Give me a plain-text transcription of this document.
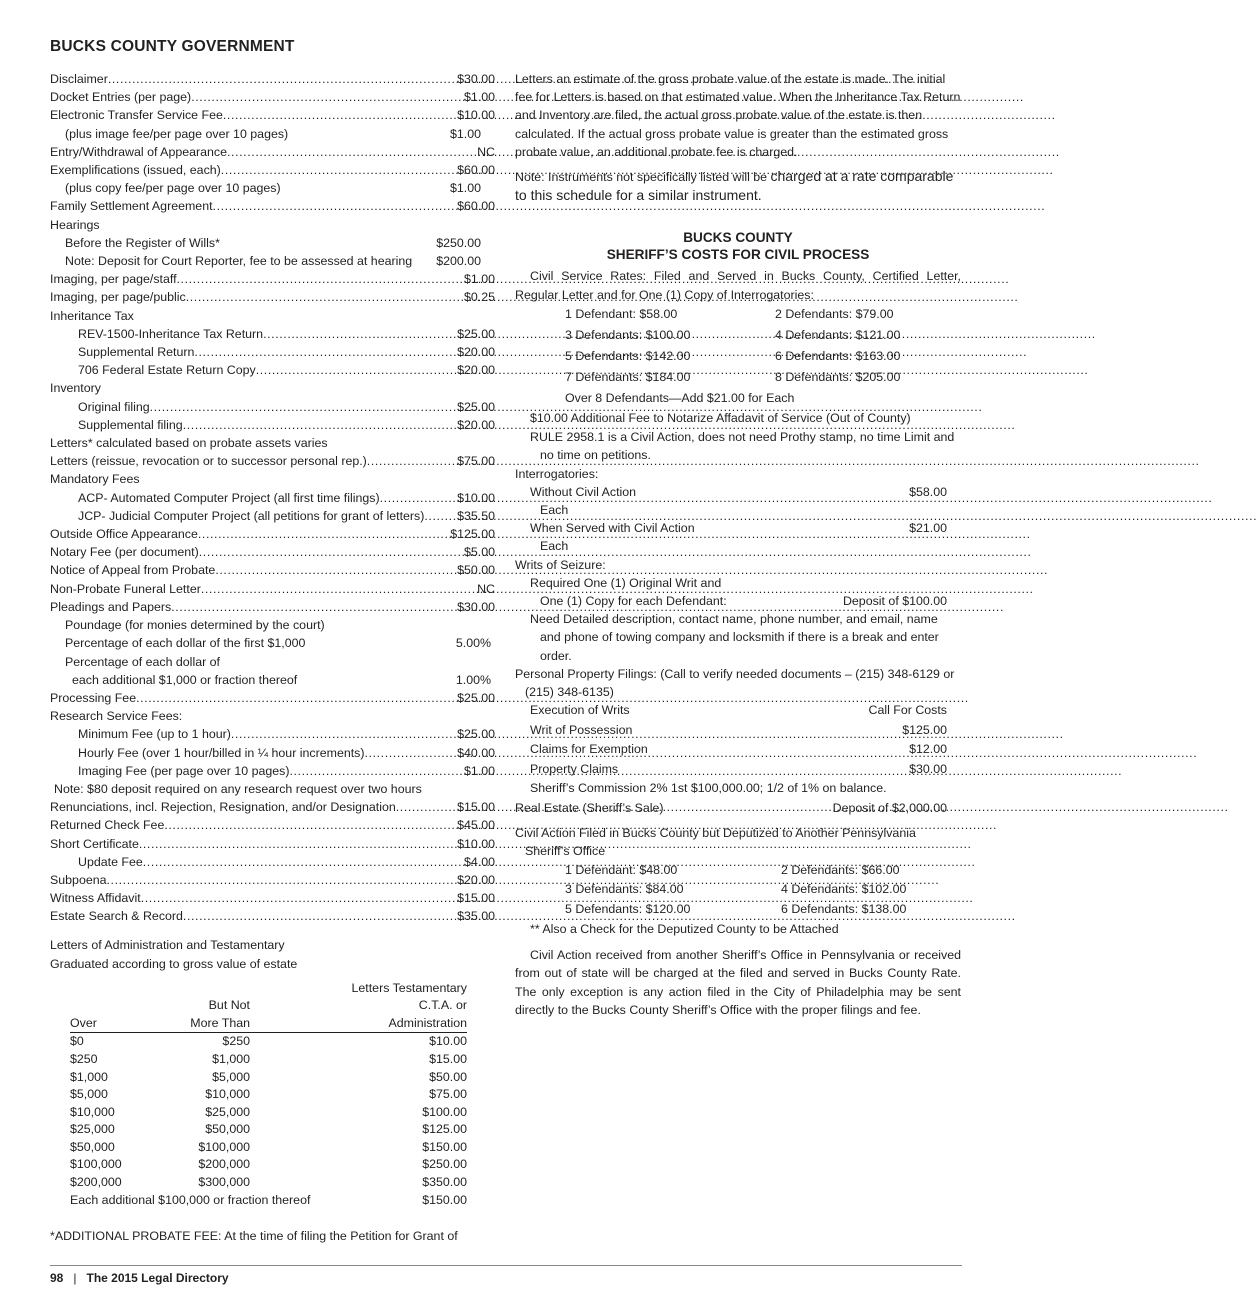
BUCKS COUNTY GOVERNMENT
Disclaimer .....	$30.00
Docket Entries (per page) .....	$1.00
Electronic Transfer Service Fee .....	$10.00
(plus image fee/per page over 10 pages)	$1.00
Entry/Withdrawal of Appearance .....	NC
Exemplifications (issued, each) .....	$60.00
(plus copy fee/per page over 10 pages)	$1.00
Family Settlement Agreement .....	$60.00
Hearings
Before the Register of Wills*	$250.00
Note: Deposit for Court Reporter, fee to be assessed at hearing	$200.00
Imaging, per page/staff .....	$1.00
Imaging, per page/public .....	$0.25
Inheritance Tax
REV-1500-Inheritance Tax Return .....	$25.00
Supplemental Return .....	$20.00
706 Federal Estate Return Copy .....	$20.00
Inventory
Original filing .....	$25.00
Supplemental filing .....	$20.00
Letters* calculated based on probate assets varies
Letters (reissue, revocation or to successor personal rep.) .....	$75.00
Mandatory Fees
ACP- Automated Computer Project (all first time filings) .....	$10.00
JCP- Judicial Computer Project (all petitions for grant of letters) .....	$35.50
Outside Office Appearance .....	$125.00
Notary Fee (per document) .....	$5.00
Notice of Appeal from Probate .....	$50.00
Non-Probate Funeral Letter .....	NC
Pleadings and Papers .....	$30.00
Poundage (for monies determined by the court)
Percentage of each dollar of the first $1,000	5.00%
Percentage of each dollar of
each additional $1,000 or fraction thereof	1.00%
Processing Fee .....	$25.00
Research Service Fees:
Minimum Fee (up to 1 hour) .....	$25.00
Hourly Fee (over 1 hour/billed in ¼ hour increments) .....	$40.00
Imaging Fee (per page over 10 pages) .....	$1.00
Note: $80 deposit required on any research request over two hours
Renunciations, incl. Rejection, Resignation, and/or Designation .....	$15.00
Returned Check Fee .....	$45.00
Short Certificate .....	$10.00
Update Fee .....	$4.00
Subpoena .....	$20.00
Witness Affidavit .....	$15.00
Estate Search & Record .....	$35.00
Letters of Administration and Testamentary
Graduated according to gross value of estate
		Letters Testamentary
	But Not	C.T.A. or
Over	More Than	Administration
$0	$250	$10.00
$250	$1,000	$15.00
$1,000	$5,000	$50.00
$5,000	$10,000	$75.00
$10,000	$25,000	$100.00
$25,000	$50,000	$125.00
$50,000	$100,000	$150.00
$100,000	$200,000	$250.00
$200,000	$300,000	$350.00
Each additional $100,000 or fraction thereof	$150.00
*ADDITIONAL PROBATE FEE: At the time of filing the Petition for Grant of
Letters an estimate of the gross probate value of the estate is made. The initial fee for Letters is based on that estimated value. When the Inheritance Tax Return and Inventory are filed, the actual gross probate value of the estate is then calculated. If the actual gross probate value is greater than the estimated gross probate value, an additional probate fee is charged.
Note: Instruments not specifically listed will be charged at a rate comparable to this schedule for a similar instrument.
BUCKS COUNTY
SHERIFF’S COSTS FOR CIVIL PROCESS
Civil Service Rates: Filed and Served in Bucks County, Certified Letter, Regular Letter and for One (1) Copy of Interrogatories:
1 Defendant: $58.00	2 Defendants: $79.00
3 Defendants: $100.00	4 Defendants: $121.00
5 Defendants: $142.00	6 Defendants: $163.00
7 Defendants: $184.00	8 Defendants: $205.00
Over 8 Defendants—Add $21.00 for Each
$10.00 Additional Fee to Notarize Affadavit of Service (Out of County)
RULE 2958.1 is a Civil Action, does not need Prothy stamp, no time Limit and no time on petitions.
Interrogatories:
Without Civil Action	$58.00
Each
When Served with Civil Action	$21.00
Each
Writs of Seizure:
Required One (1) Original Writ and
One (1) Copy for each Defendant:	Deposit of $100.00
Need Detailed description, contact name, phone number, and email, name and phone of towing company and locksmith if there is a break and enter order.
Personal Property Filings: (Call to verify needed documents – (215) 348-6129 or (215) 348-6135)
Execution of Writs	Call For Costs
Writ of Possession	$125.00
Claims for Exemption	$12.00
Property Claims	$30.00
Sheriff’s Commission 2% 1st $100,000.00; 1/2 of 1% on balance.
Real Estate (Sheriff’s Sale)	Deposit of $2,000.00
Civil Action Filed in Bucks County but Deputized to Another Pennsylvania Sheriff’s Office
1 Defendant: $48.00	2 Defendants: $66.00
3 Defendants: $84.00	4 Defendants: $102.00
5 Defendants: $120.00	6 Defendants: $138.00
** Also a Check for the Deputized County to be Attached
Civil Action received from another Sheriff’s Office in Pennsylvania or received from out of state will be charged at the filed and served in Bucks County Rate. The only exception is any action filed in the City of Philadelphia may be sent directly to the Bucks County Sheriff’s Office with the proper filings and fee.
98 | The 2015 Legal Directory
